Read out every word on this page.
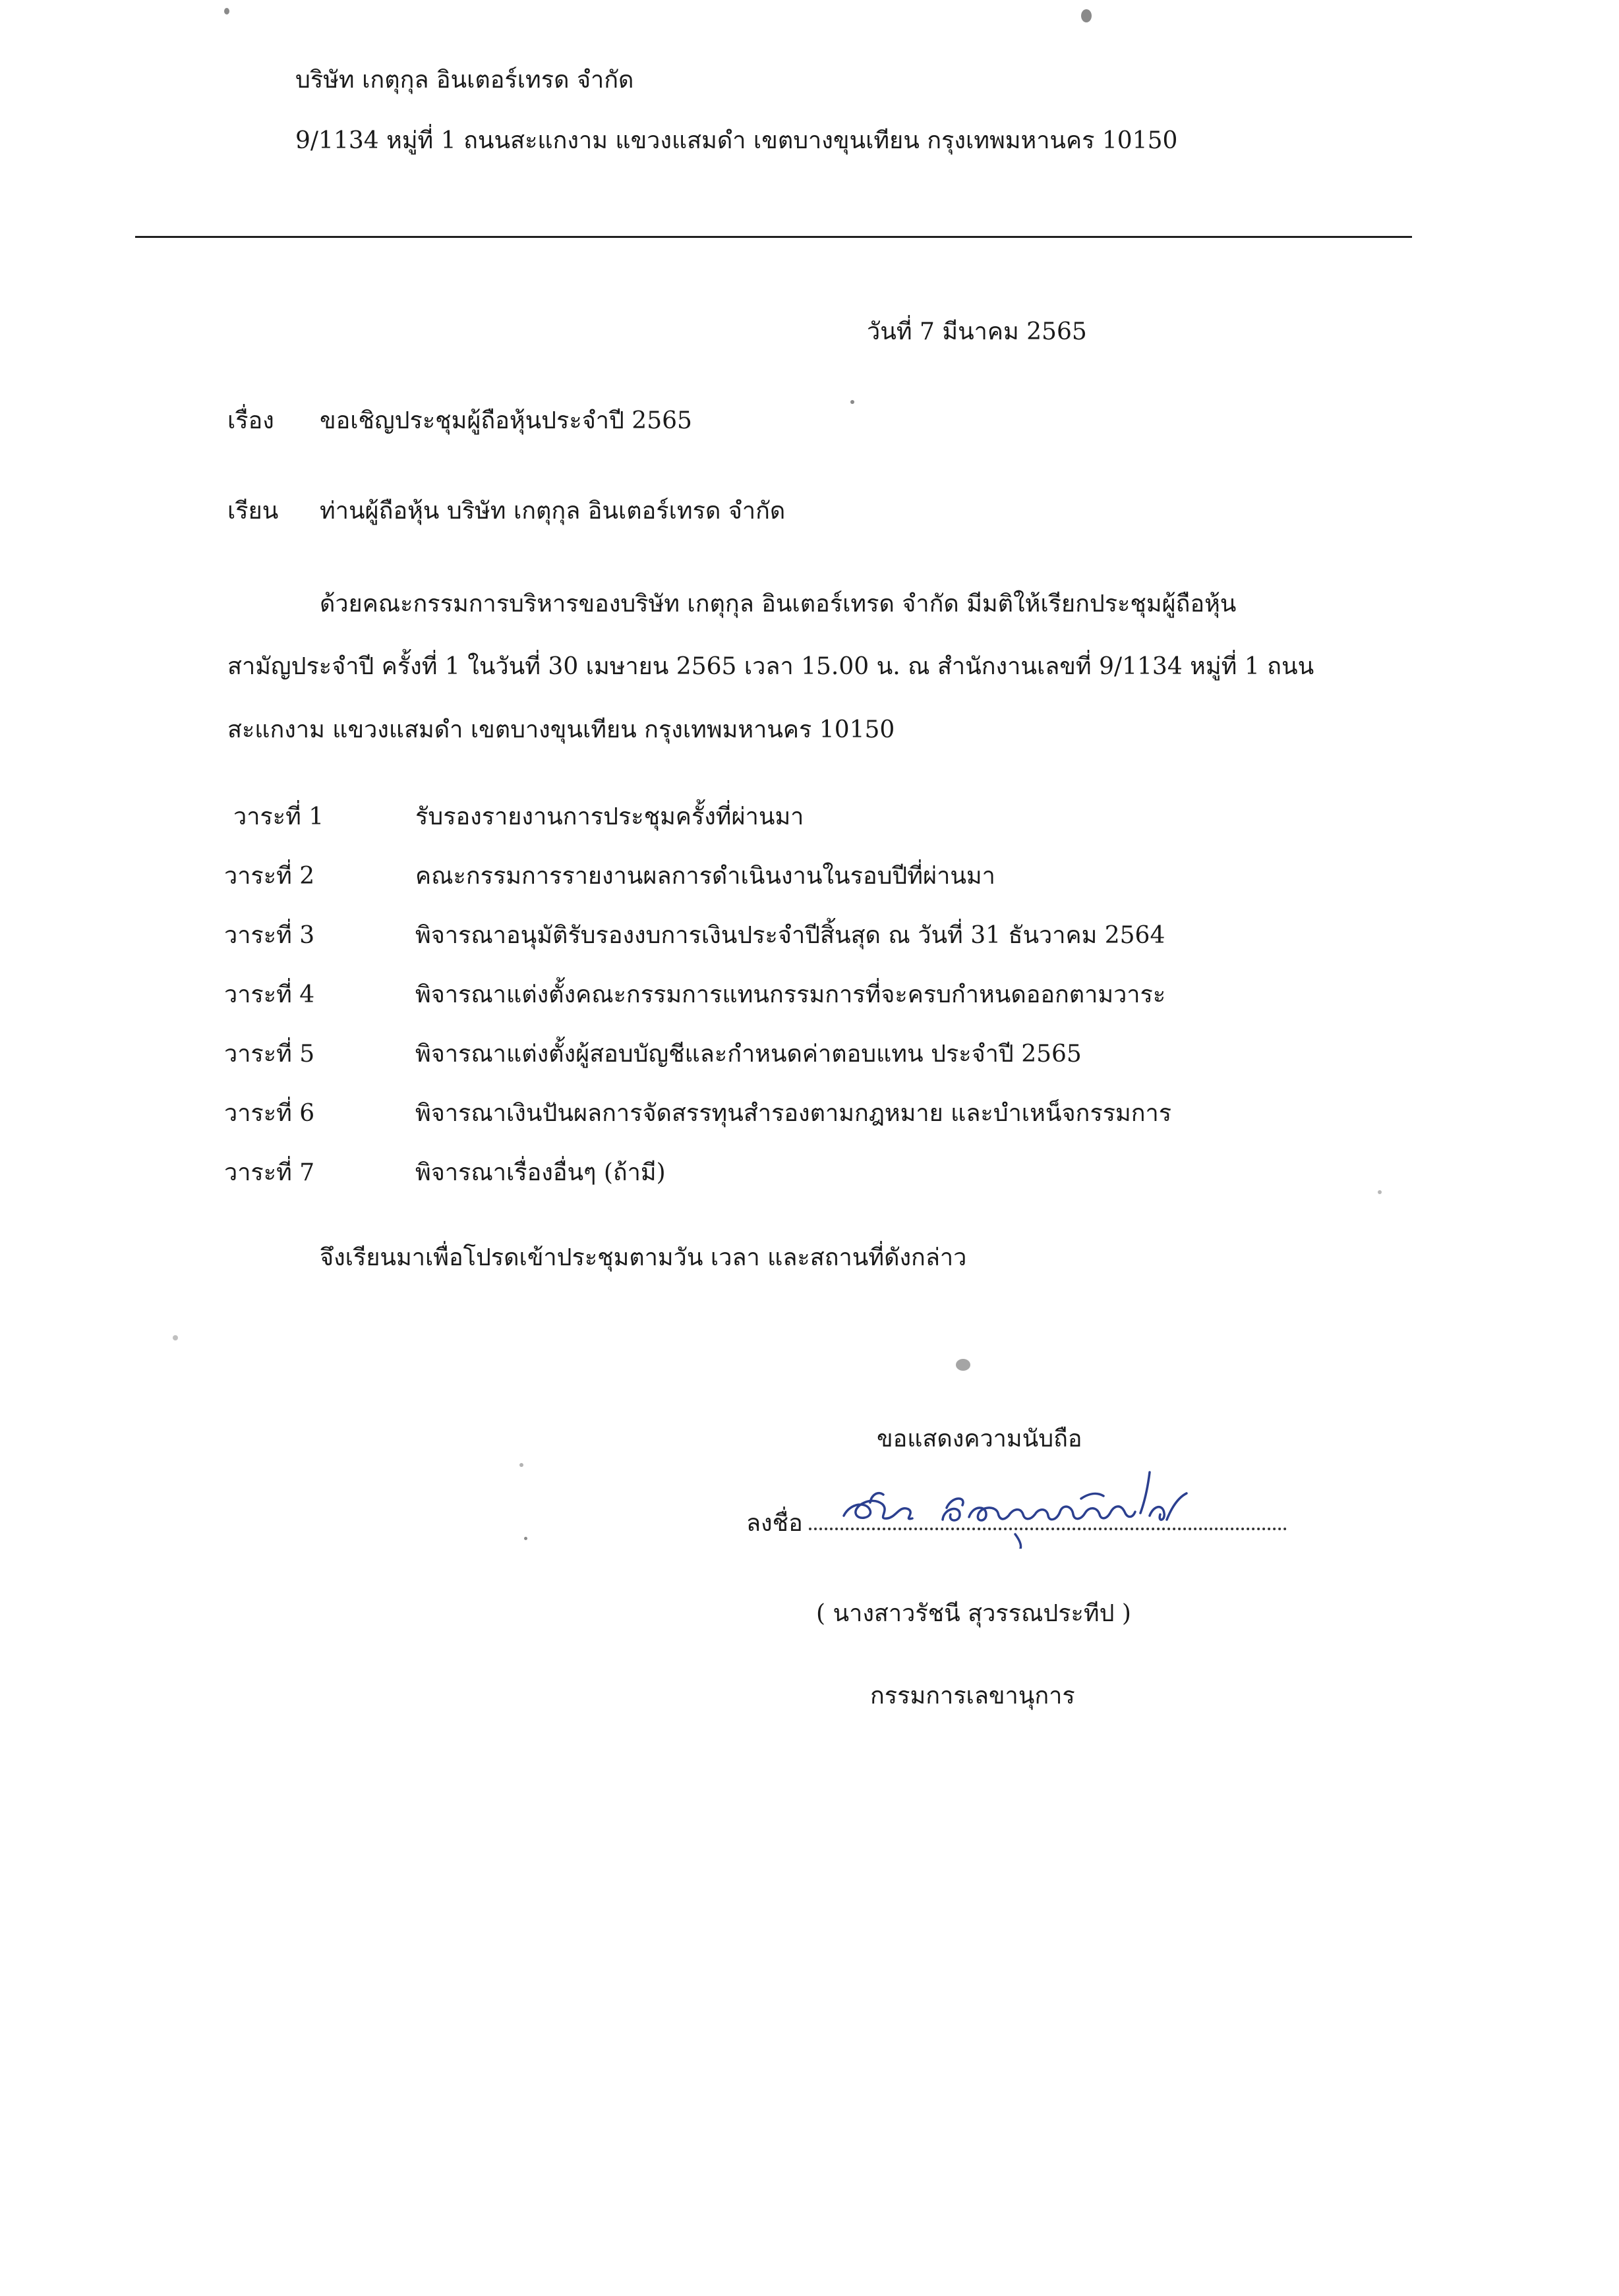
บริษัท เกตุกุล อินเตอร์เทรด จำกัด
9/1134 หมู่ที่ 1 ถนนสะแกงาม แขวงแสมดำ เขตบางขุนเทียน กรุงเทพมหานคร 10150
วันที่ 7 มีนาคม 2565
เรื่อง ขอเชิญประชุมผู้ถือหุ้นประจำปี 2565
เรียน ท่านผู้ถือหุ้น บริษัท เกตุกุล อินเตอร์เทรด จำกัด
ด้วยคณะกรรมการบริหารของบริษัท เกตุกุล อินเตอร์เทรด จำกัด มีมติให้เรียกประชุมผู้ถือหุ้น
สามัญประจำปี ครั้งที่ 1 ในวันที่ 30 เมษายน 2565 เวลา 15.00 น. ณ สำนักงานเลขที่ 9/1134 หมู่ที่ 1 ถนน
สะแกงาม แขวงแสมดำ เขตบางขุนเทียน กรุงเทพมหานคร 10150
วาระที่ 1	รับรองรายงานการประชุมครั้งที่ผ่านมา
วาระที่ 2	คณะกรรมการรายงานผลการดำเนินงานในรอบปีที่ผ่านมา
วาระที่ 3	พิจารณาอนุมัติรับรองงบการเงินประจำปีสิ้นสุด ณ วันที่ 31 ธันวาคม 2564
วาระที่ 4	พิจารณาแต่งตั้งคณะกรรมการแทนกรรมการที่จะครบกำหนดออกตามวาระ
วาระที่ 5	พิจารณาแต่งตั้งผู้สอบบัญชีและกำหนดค่าตอบแทน ประจำปี 2565
วาระที่ 6	พิจารณาเงินปันผลการจัดสรรทุนสำรองตามกฎหมาย และบำเหน็จกรรมการ
วาระที่ 7	พิจารณาเรื่องอื่นๆ (ถ้ามี)
จึงเรียนมาเพื่อโปรดเข้าประชุมตามวัน เวลา และสถานที่ดังกล่าว
ขอแสดงความนับถือ
ลงชื่อ
( นางสาวรัชนี สุวรรณประทีป )
กรรมการเลขานุการ
